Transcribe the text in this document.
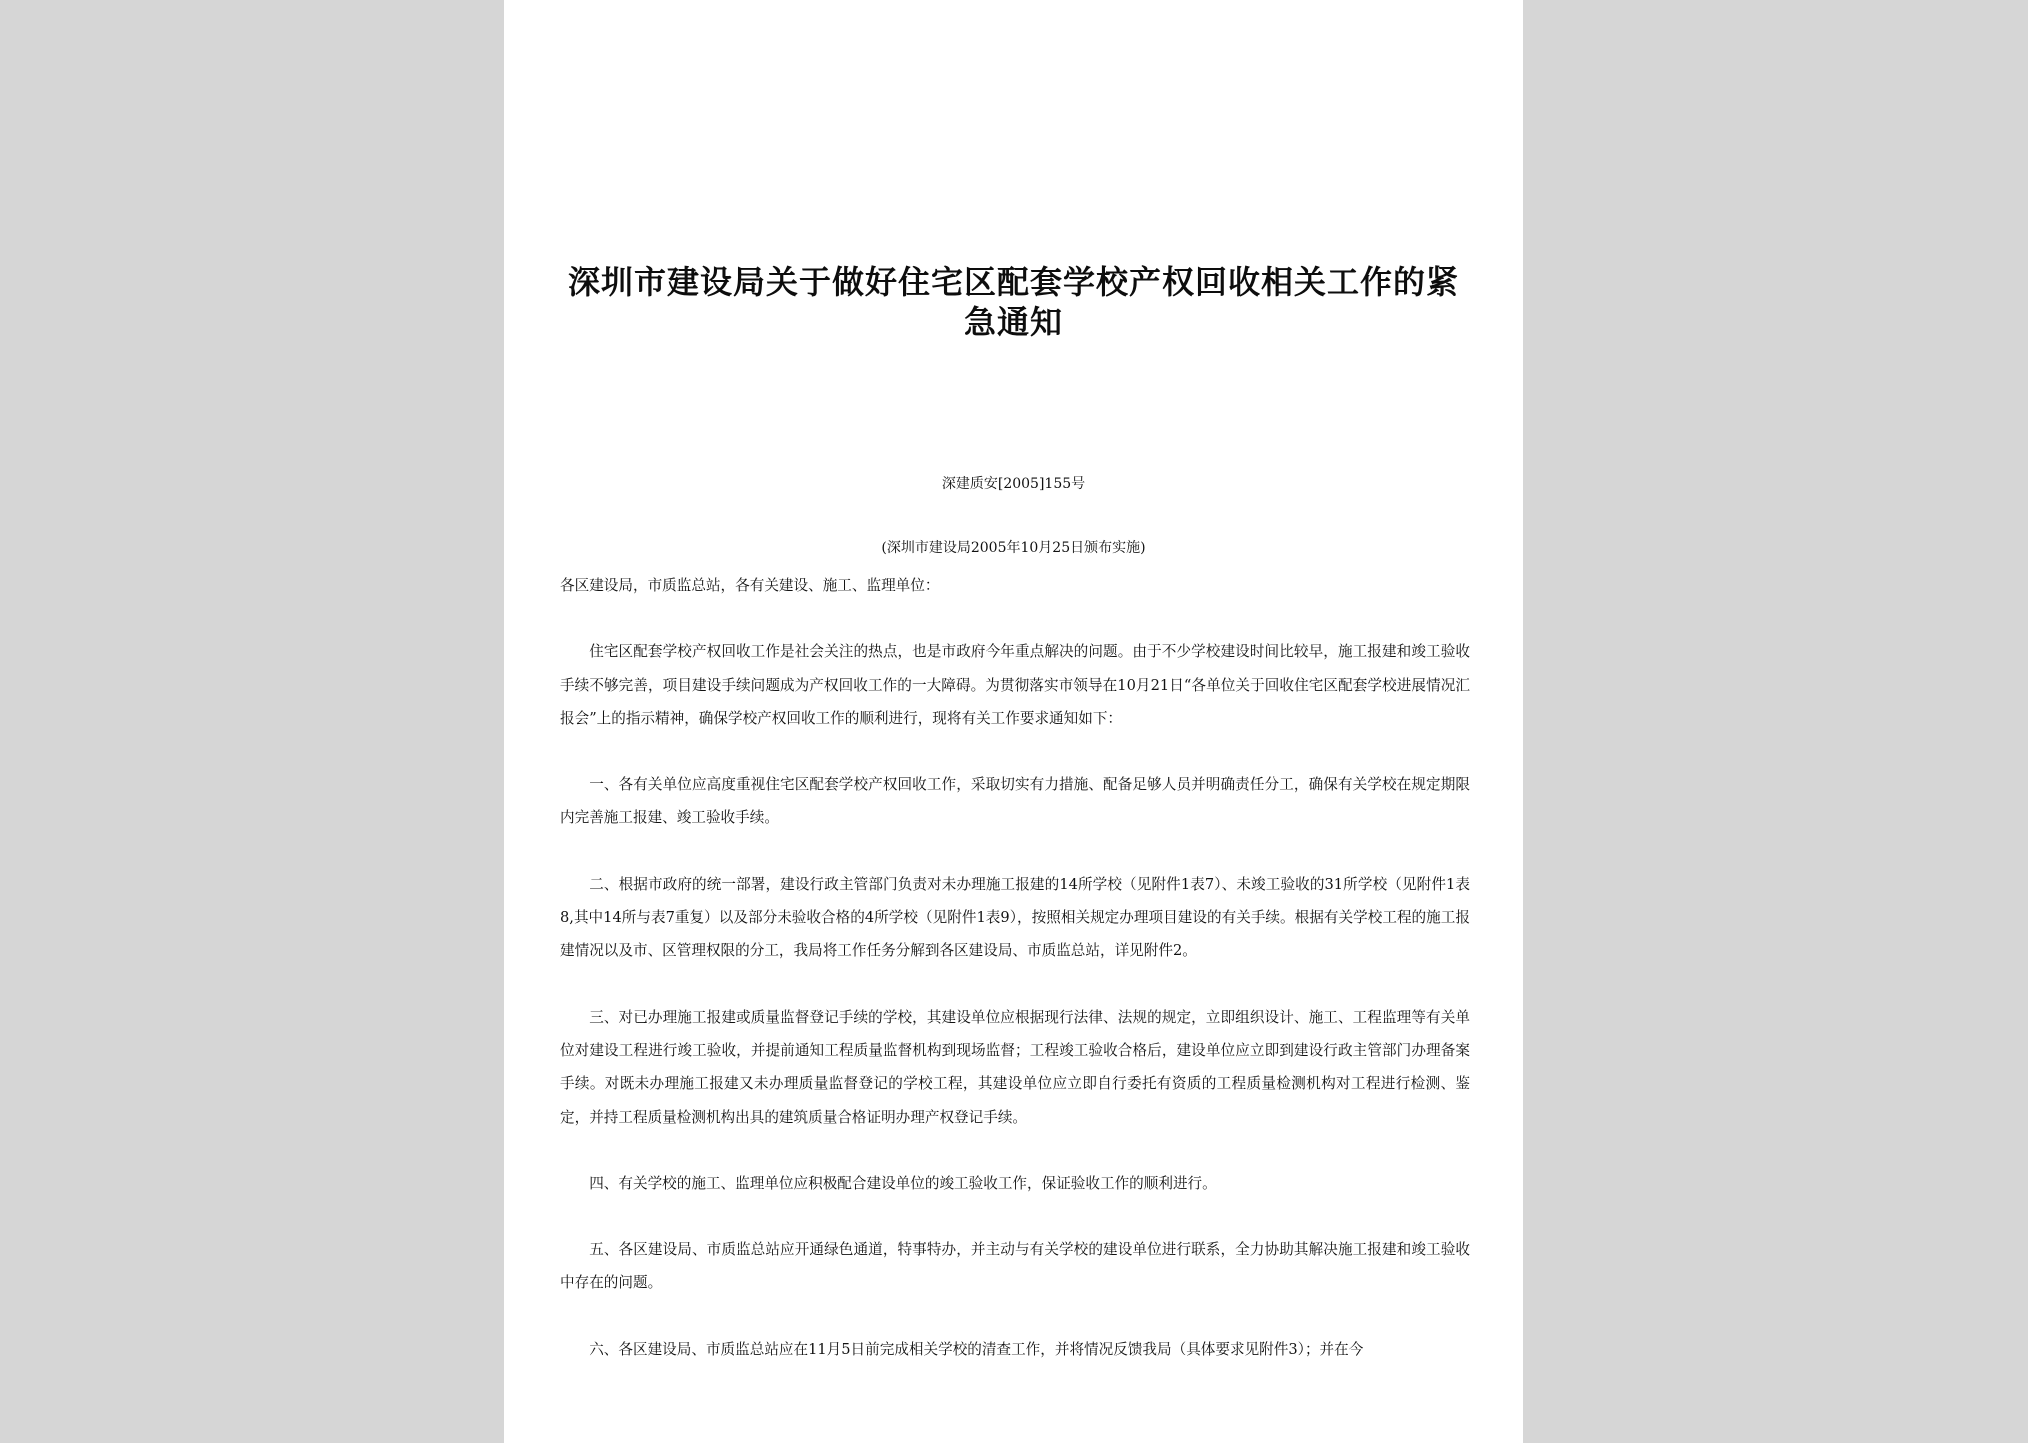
深圳市建设局关于做好住宅区配套学校产权回收相关工作的紧急通知
深建质安[2005]155号
(深圳市建设局2005年10月25日颁布实施)

各区建设局，市质监总站，各有关建设、施工、监理单位：

住宅区配套学校产权回收工作是社会关注的热点，也是市政府今年重点解决的问题。由于不少学校建设时间比较早，施工报建和竣工验收手续不够完善，项目建设手续问题成为产权回收工作的一大障碍。为贯彻落实市领导在10月21日“各单位关于回收住宅区配套学校进展情况汇报会”上的指示精神，确保学校产权回收工作的顺利进行，现将有关工作要求通知如下：

一、各有关单位应高度重视住宅区配套学校产权回收工作，采取切实有力措施、配备足够人员并明确责任分工，确保有关学校在规定期限内完善施工报建、竣工验收手续。

二、根据市政府的统一部署，建设行政主管部门负责对未办理施工报建的14所学校（见附件1表7）、未竣工验收的31所学校（见附件1表8,其中14所与表7重复）以及部分未验收合格的4所学校（见附件1表9），按照相关规定办理项目建设的有关手续。根据有关学校工程的施工报建情况以及市、区管理权限的分工，我局将工作任务分解到各区建设局、市质监总站，详见附件2。

三、对已办理施工报建或质量监督登记手续的学校，其建设单位应根据现行法律、法规的规定，立即组织设计、施工、工程监理等有关单位对建设工程进行竣工验收，并提前通知工程质量监督机构到现场监督；工程竣工验收合格后，建设单位应立即到建设行政主管部门办理备案手续。对既未办理施工报建又未办理质量监督登记的学校工程，其建设单位应立即自行委托有资质的工程质量检测机构对工程进行检测、鉴定，并持工程质量检测机构出具的建筑质量合格证明办理产权登记手续。

四、有关学校的施工、监理单位应积极配合建设单位的竣工验收工作，保证验收工作的顺利进行。

五、各区建设局、市质监总站应开通绿色通道，特事特办，并主动与有关学校的建设单位进行联系，全力协助其解决施工报建和竣工验收中存在的问题。

六、各区建设局、市质监总站应在11月5日前完成相关学校的清查工作，并将情况反馈我局（具体要求见附件3）；并在今
